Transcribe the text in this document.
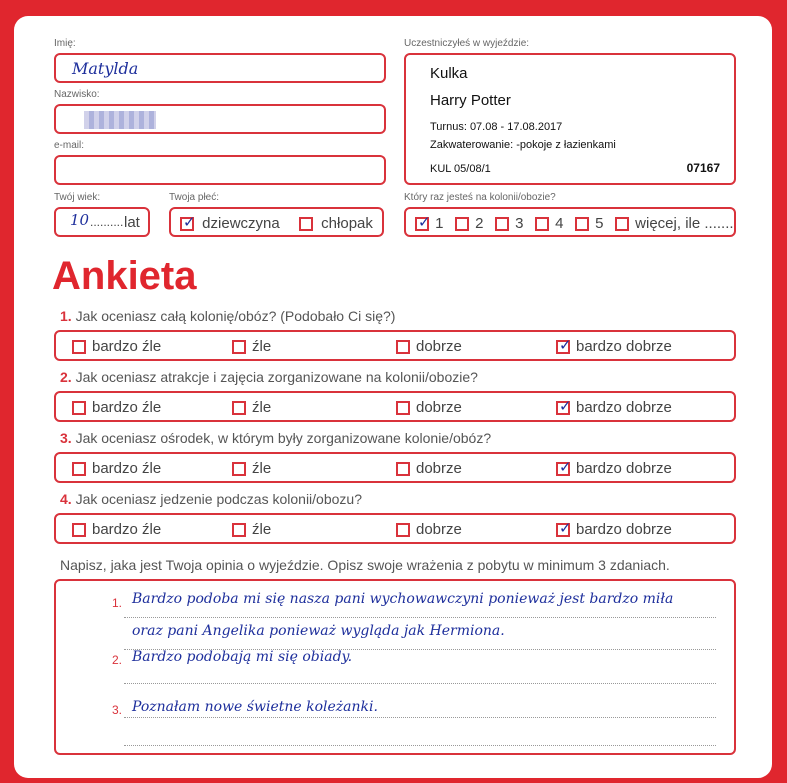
Imię:
Matylda
Nazwisko:
e-mail:
Twój wiek:
10 .......... lat
Twoja płeć:
✓ dziewczyna	chłopak
Uczestniczyłeś w wyjeździe:
Kulka
Harry Potter
Turnus: 07.08 - 17.08.2017
Zakwaterowanie: -pokoje z łazienkami
KUL 05/08/1	07167
Który raz jesteś na kolonii/obozie?
✓ 1	2	3	4	5	więcej, ile .......
Ankieta
1. Jak oceniasz całą kolonię/obóz? (Podobało Ci się?)
bardzo źle	źle	dobrze	✓ bardzo dobrze
2. Jak oceniasz atrakcje i zajęcia zorganizowane na kolonii/obozie?
bardzo źle	źle	dobrze	✓ bardzo dobrze
3. Jak oceniasz ośrodek, w którym były zorganizowane kolonie/obóz?
bardzo źle	źle	dobrze	✓ bardzo dobrze
4. Jak oceniasz jedzenie podczas kolonii/obozu?
bardzo źle	źle	dobrze	✓ bardzo dobrze
Napisz, jaka jest Twoja opinia o wyjeździe. Opisz swoje wrażenia z pobytu w minimum 3 zdaniach.
1.
2.
3.
Bardzo podoba mi się nasza pani wychowawczyni ponieważ jest bardzo miła
oraz pani Angelika ponieważ wygląda jak Hermiona.
Bardzo podobają mi się obiady.
Poznałam nowe świetne koleżanki.
